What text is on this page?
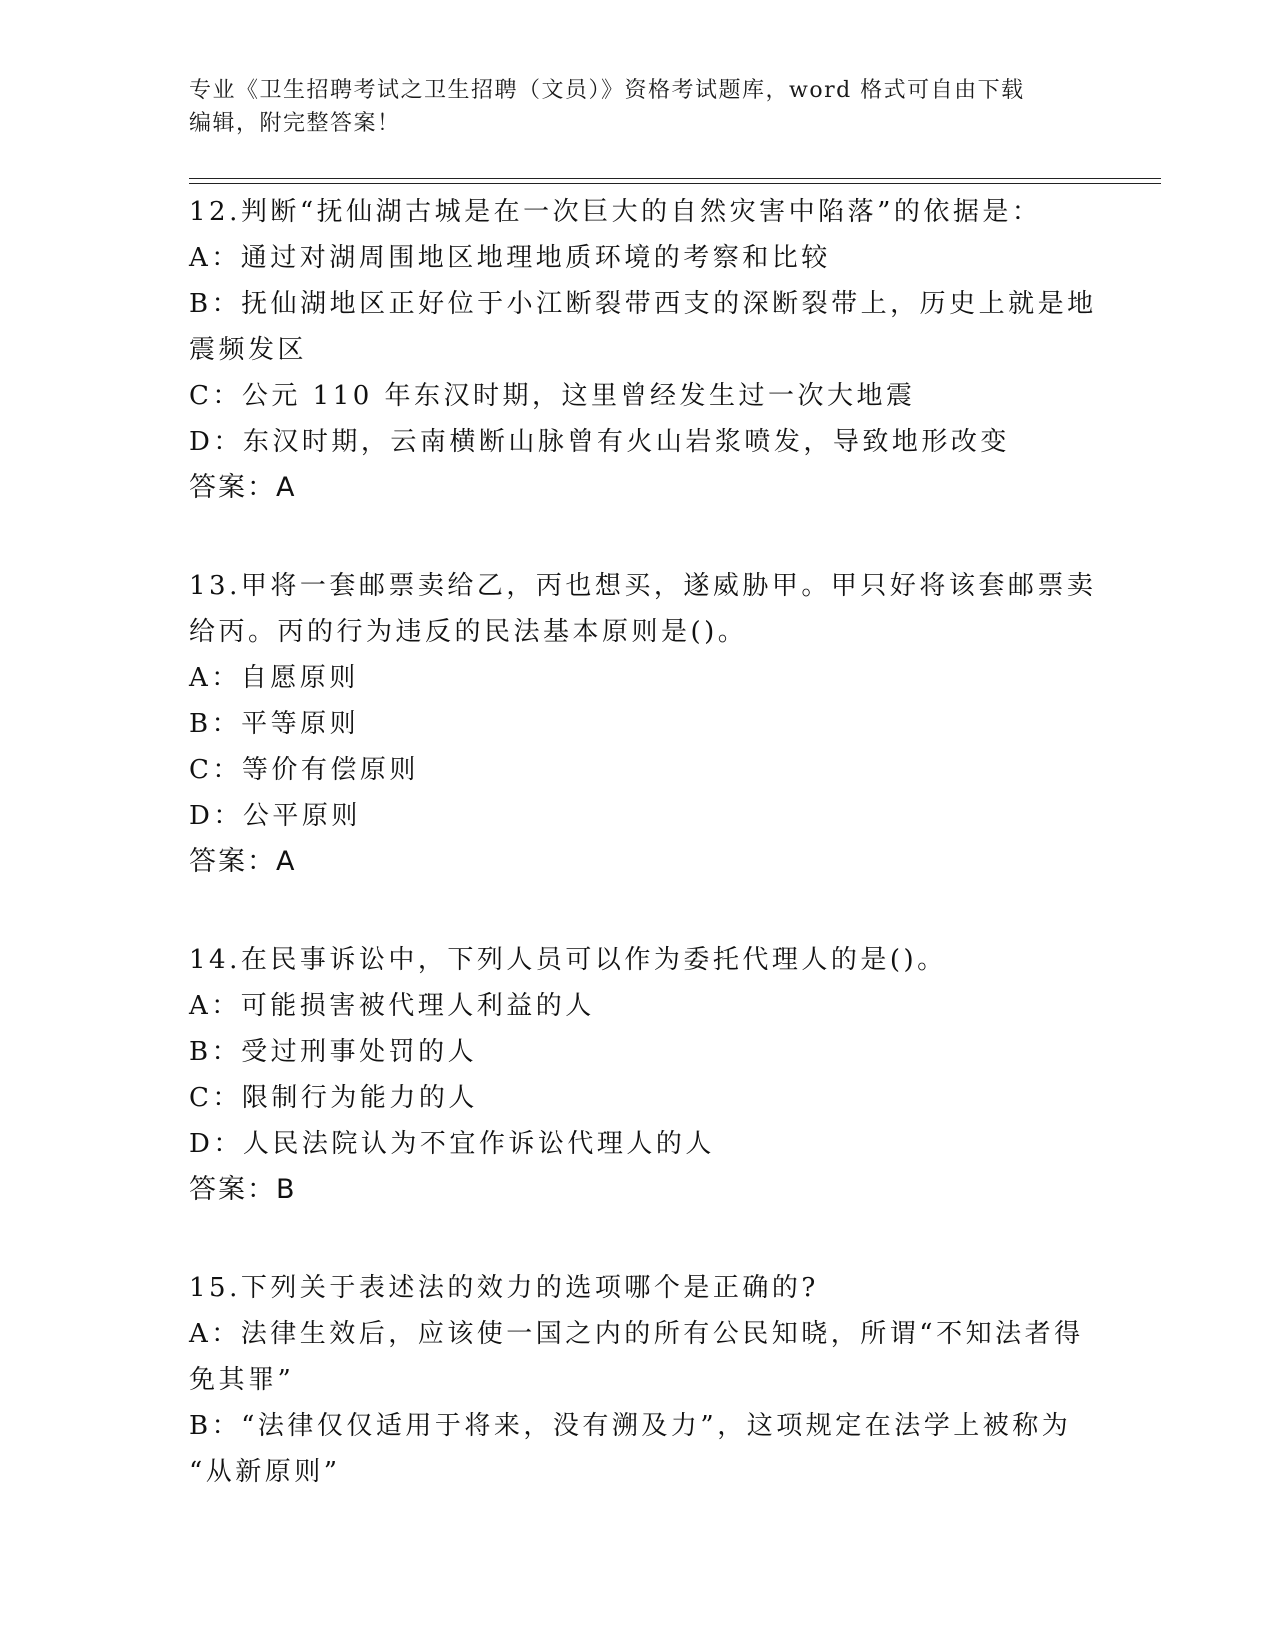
专业《卫生招聘考试之卫生招聘（文员）》资格考试题库，word 格式可自由下载
编辑，附完整答案！
12.判断“抚仙湖古城是在一次巨大的自然灾害中陷落”的依据是：
A：通过对湖周围地区地理地质环境的考察和比较
B：抚仙湖地区正好位于小江断裂带西支的深断裂带上，历史上就是地
震频发区
C：公元 110 年东汉时期，这里曾经发生过一次大地震
D：东汉时期，云南横断山脉曾有火山岩浆喷发，导致地形改变
答案：A
13.甲将一套邮票卖给乙，丙也想买，遂威胁甲。甲只好将该套邮票卖
给丙。丙的行为违反的民法基本原则是()。
A：自愿原则
B：平等原则
C：等价有偿原则
D：公平原则
答案：A
14.在民事诉讼中，下列人员可以作为委托代理人的是()。
A：可能损害被代理人利益的人
B：受过刑事处罚的人
C：限制行为能力的人
D：人民法院认为不宜作诉讼代理人的人
答案：B
15.下列关于表述法的效力的选项哪个是正确的?
A：法律生效后，应该使一国之内的所有公民知晓，所谓“不知法者得
免其罪”
B：“法律仅仅适用于将来，没有溯及力”，这项规定在法学上被称为
“从新原则”
